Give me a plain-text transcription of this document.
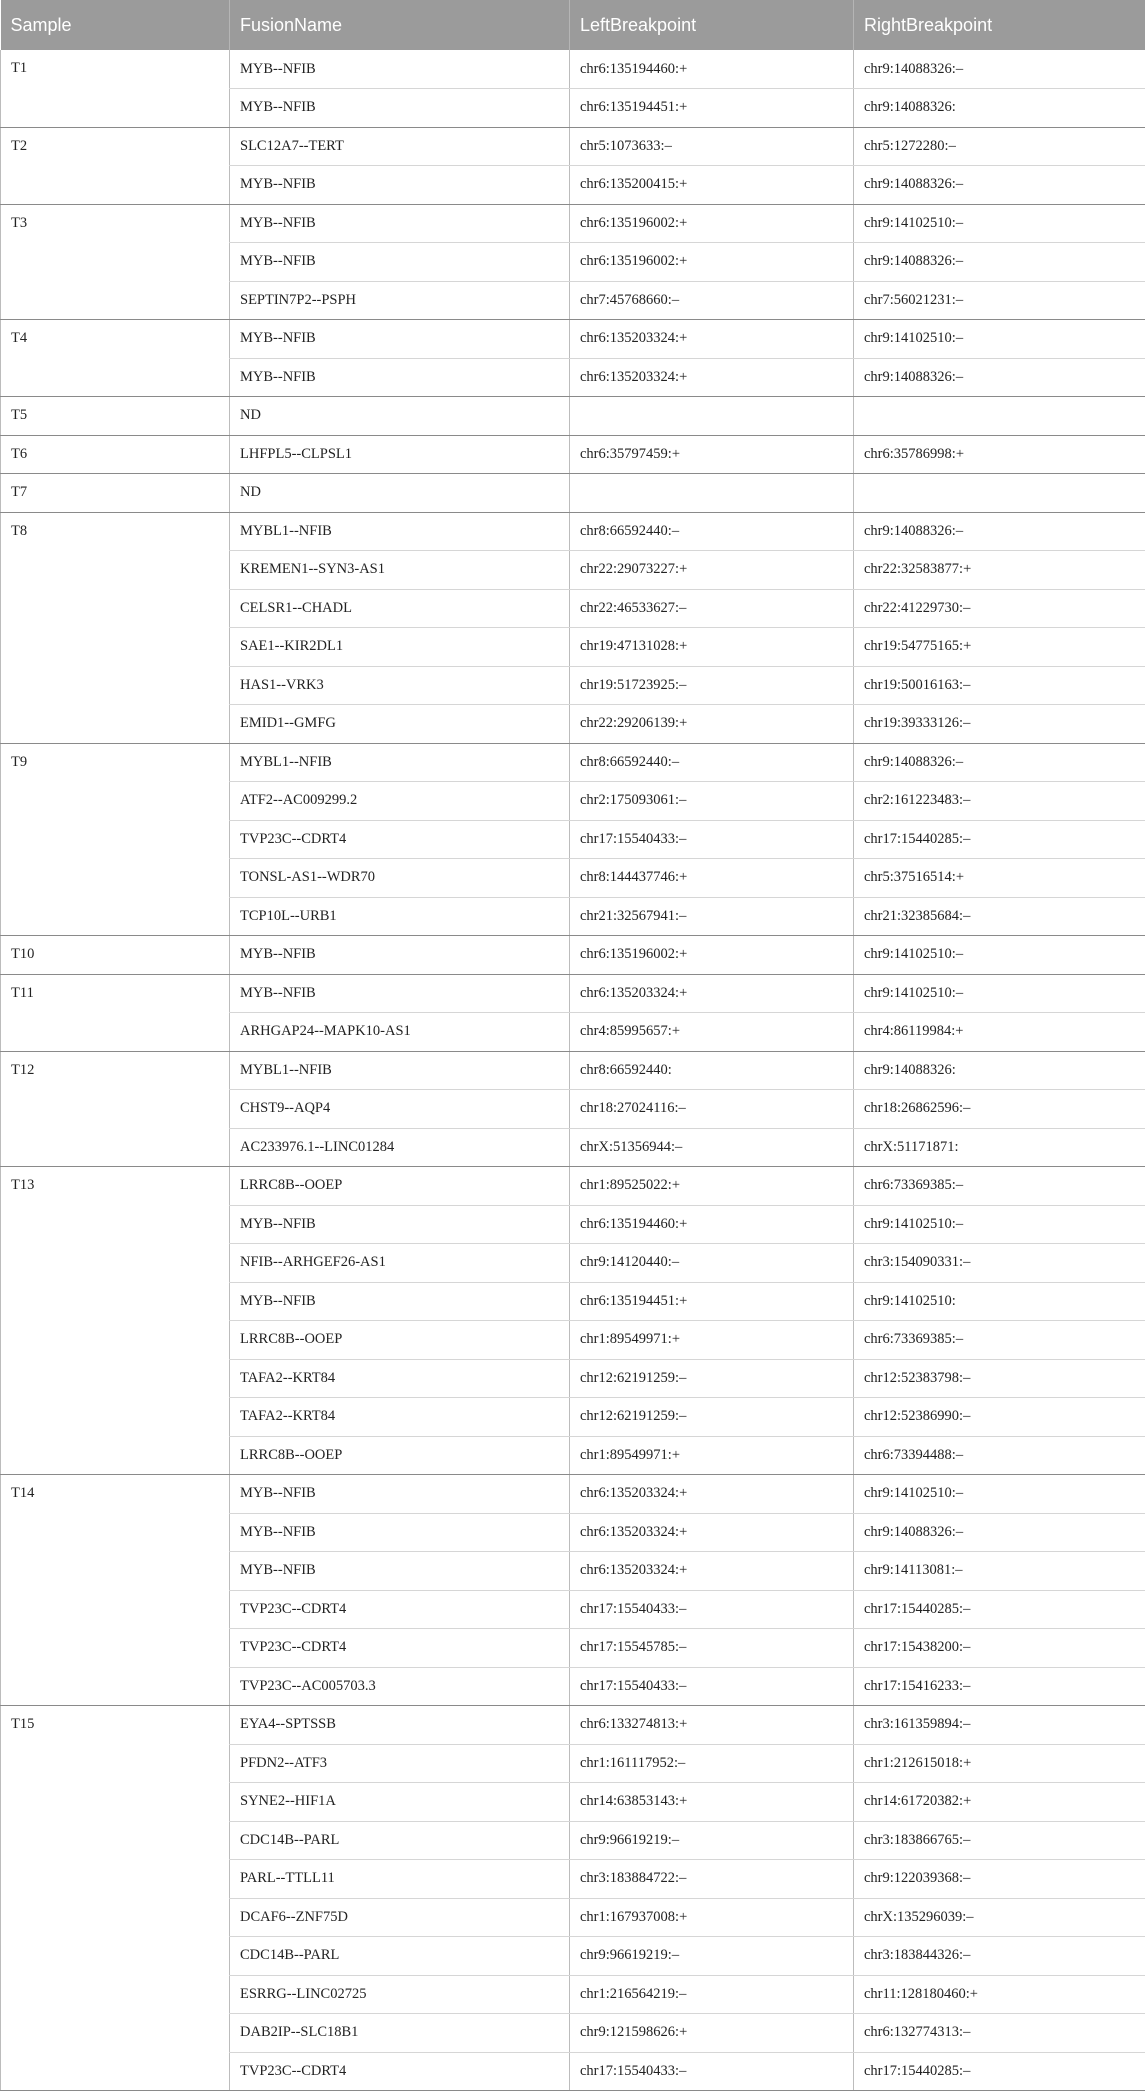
Sample	FusionName	LeftBreakpoint	RightBreakpoint
T1	MYB--NFIB	chr6:135194460:+	chr9:14088326:–
	MYB--NFIB	chr6:135194451:+	chr9:14088326:
T2	SLC12A7--TERT	chr5:1073633:–	chr5:1272280:–
	MYB--NFIB	chr6:135200415:+	chr9:14088326:–
T3	MYB--NFIB	chr6:135196002:+	chr9:14102510:–
	MYB--NFIB	chr6:135196002:+	chr9:14088326:–
	SEPTIN7P2--PSPH	chr7:45768660:–	chr7:56021231:–
T4	MYB--NFIB	chr6:135203324:+	chr9:14102510:–
	MYB--NFIB	chr6:135203324:+	chr9:14088326:–
T5	ND		
T6	LHFPL5--CLPSL1	chr6:35797459:+	chr6:35786998:+
T7	ND		
T8	MYBL1--NFIB	chr8:66592440:–	chr9:14088326:–
	KREMEN1--SYN3-AS1	chr22:29073227:+	chr22:32583877:+
	CELSR1--CHADL	chr22:46533627:–	chr22:41229730:–
	SAE1--KIR2DL1	chr19:47131028:+	chr19:54775165:+
	HAS1--VRK3	chr19:51723925:–	chr19:50016163:–
	EMID1--GMFG	chr22:29206139:+	chr19:39333126:–
T9	MYBL1--NFIB	chr8:66592440:–	chr9:14088326:–
	ATF2--AC009299.2	chr2:175093061:–	chr2:161223483:–
	TVP23C--CDRT4	chr17:15540433:–	chr17:15440285:–
	TONSL-AS1--WDR70	chr8:144437746:+	chr5:37516514:+
	TCP10L--URB1	chr21:32567941:–	chr21:32385684:–
T10	MYB--NFIB	chr6:135196002:+	chr9:14102510:–
T11	MYB--NFIB	chr6:135203324:+	chr9:14102510:–
	ARHGAP24--MAPK10-AS1	chr4:85995657:+	chr4:86119984:+
T12	MYBL1--NFIB	chr8:66592440:	chr9:14088326:
	CHST9--AQP4	chr18:27024116:–	chr18:26862596:–
	AC233976.1--LINC01284	chrX:51356944:–	chrX:51171871:
T13	LRRC8B--OOEP	chr1:89525022:+	chr6:73369385:–
	MYB--NFIB	chr6:135194460:+	chr9:14102510:–
	NFIB--ARHGEF26-AS1	chr9:14120440:–	chr3:154090331:–
	MYB--NFIB	chr6:135194451:+	chr9:14102510:
	LRRC8B--OOEP	chr1:89549971:+	chr6:73369385:–
	TAFA2--KRT84	chr12:62191259:–	chr12:52383798:–
	TAFA2--KRT84	chr12:62191259:–	chr12:52386990:–
	LRRC8B--OOEP	chr1:89549971:+	chr6:73394488:–
T14	MYB--NFIB	chr6:135203324:+	chr9:14102510:–
	MYB--NFIB	chr6:135203324:+	chr9:14088326:–
	MYB--NFIB	chr6:135203324:+	chr9:14113081:–
	TVP23C--CDRT4	chr17:15540433:–	chr17:15440285:–
	TVP23C--CDRT4	chr17:15545785:–	chr17:15438200:–
	TVP23C--AC005703.3	chr17:15540433:–	chr17:15416233:–
T15	EYA4--SPTSSB	chr6:133274813:+	chr3:161359894:–
	PFDN2--ATF3	chr1:161117952:–	chr1:212615018:+
	SYNE2--HIF1A	chr14:63853143:+	chr14:61720382:+
	CDC14B--PARL	chr9:96619219:–	chr3:183866765:–
	PARL--TTLL11	chr3:183884722:–	chr9:122039368:–
	DCAF6--ZNF75D	chr1:167937008:+	chrX:135296039:–
	CDC14B--PARL	chr9:96619219:–	chr3:183844326:–
	ESRRG--LINC02725	chr1:216564219:–	chr11:128180460:+
	DAB2IP--SLC18B1	chr9:121598626:+	chr6:132774313:–
	TVP23C--CDRT4	chr17:15540433:–	chr17:15440285:–
